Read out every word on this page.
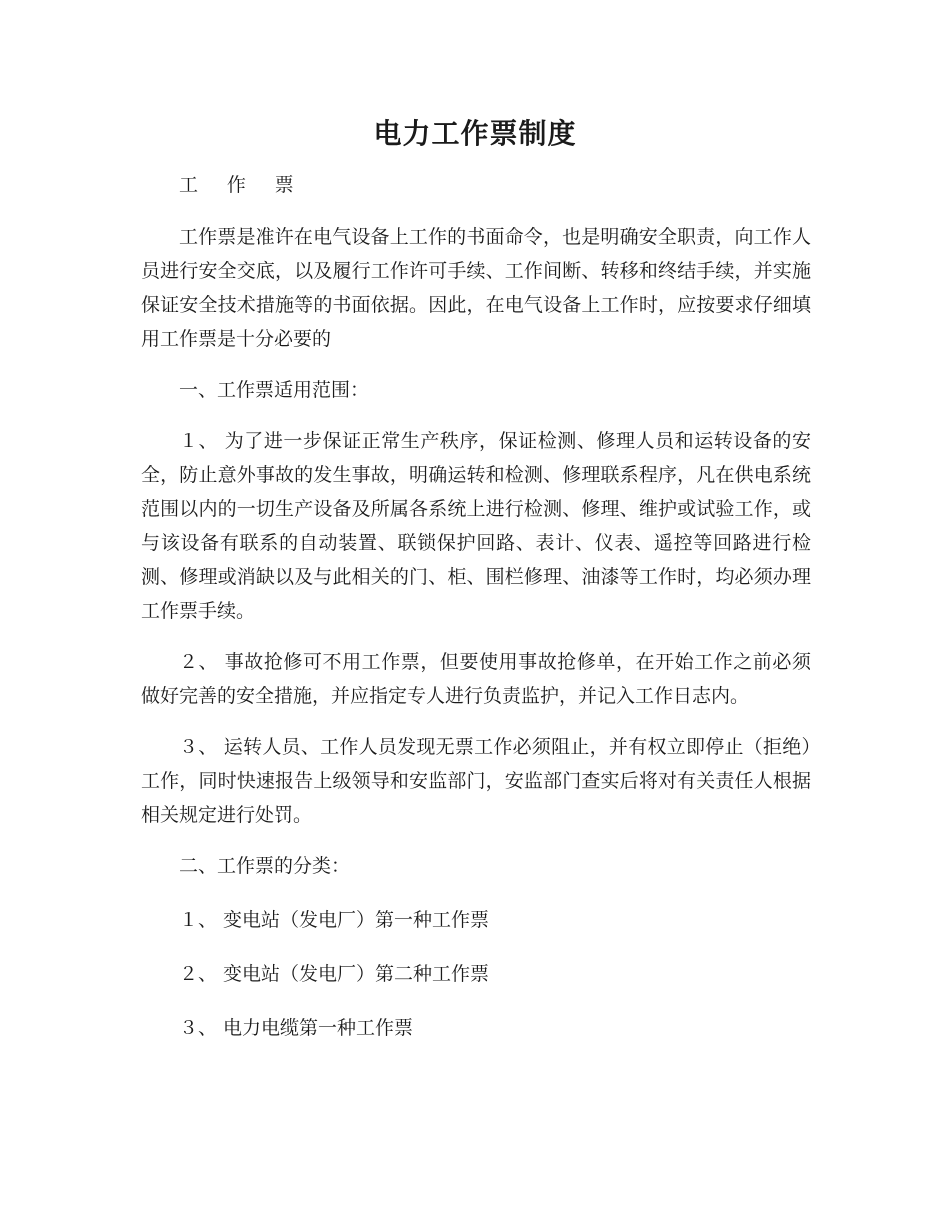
电力工作票制度

工 作 票

工作票是准许在电气设备上工作的书面命令，也是明确安全职责，向工作人员进行安全交底，以及履行工作许可手续、工作间断、转移和终结手续，并实施保证安全技术措施等的书面依据。因此，在电气设备上工作时，应按要求仔细填用工作票是十分必要的

一、工作票适用范围：

１、 为了进一步保证正常生产秩序，保证检测、修理人员和运转设备的安全，防止意外事故的发生事故，明确运转和检测、修理联系程序，凡在供电系统范围以内的一切生产设备及所属各系统上进行检测、修理、维护或试验工作，或与该设备有联系的自动装置、联锁保护回路、表计、仪表、遥控等回路进行检测、修理或消缺以及与此相关的门、柜、围栏修理、油漆等工作时，均必须办理工作票手续。

２、 事故抢修可不用工作票，但要使用事故抢修单，在开始工作之前必须做好完善的安全措施，并应指定专人进行负责监护，并记入工作日志内。

３、 运转人员、工作人员发现无票工作必须阻止，并有权立即停止（拒绝）工作，同时快速报告上级领导和安监部门，安监部门查实后将对有关责任人根据相关规定进行处罚。

二、工作票的分类：

１、 变电站（发电厂）第一种工作票

２、 变电站（发电厂）第二种工作票

３、 电力电缆第一种工作票
